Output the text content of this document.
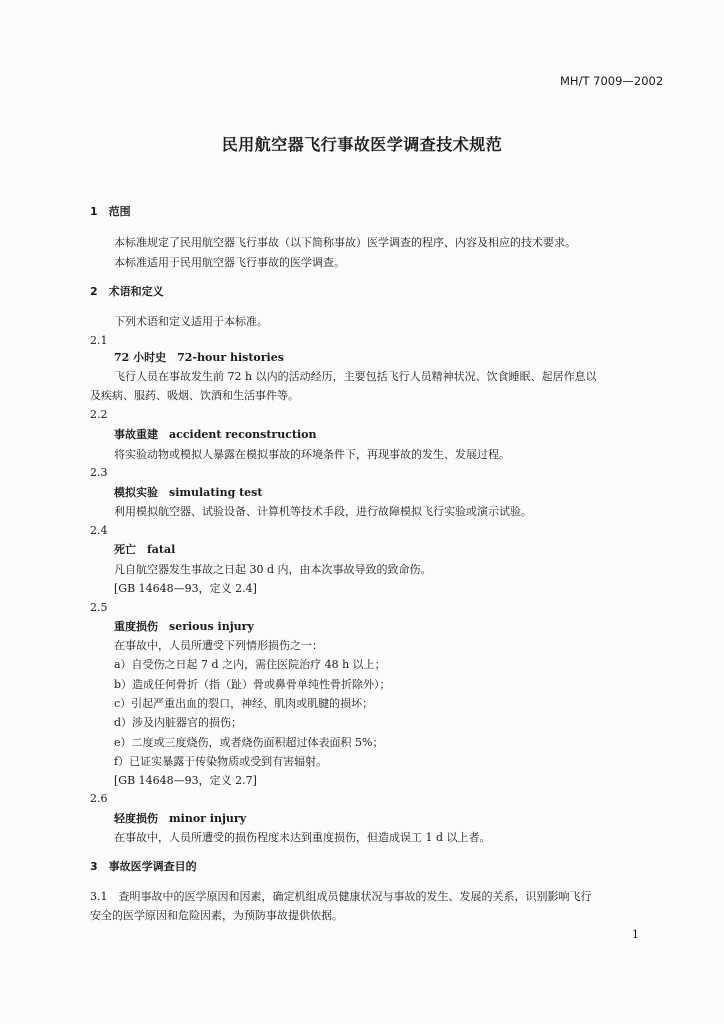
MH/T 7009—2002
民用航空器飞行事故医学调查技术规范
1　范围
本标准规定了民用航空器飞行事故（以下简称事故）医学调查的程序、内容及相应的技术要求。
本标准适用于民用航空器飞行事故的医学调查。
2　术语和定义
下列术语和定义适用于本标准。
2.1
72 小时史　72-hour histories
飞行人员在事故发生前 72 h 以内的活动经历，主要包括飞行人员精神状况、饮食睡眠、起居作息以
及疾病、服药、吸烟、饮酒和生活事件等。
2.2
事故重建　accident reconstruction
将实验动物或模拟人暴露在模拟事故的环境条件下，再现事故的发生、发展过程。
2.3
模拟实验　simulating test
利用模拟航空器、试验设备、计算机等技术手段，进行故障模拟飞行实验或演示试验。
2.4
死亡　fatal
凡自航空器发生事故之日起 30 d 内，由本次事故导致的致命伤。
[GB 14648—93，定义 2.4]
2.5
重度损伤　serious injury
在事故中，人员所遭受下列情形损伤之一：
a）自受伤之日起 7 d 之内，需住医院治疗 48 h 以上；
b）造成任何骨折（指（趾）骨或鼻骨单纯性骨折除外）；
c）引起严重出血的裂口，神经、肌肉或肌腱的损坏；
d）涉及内脏器官的损伤；
e）二度或三度烧伤，或者烧伤面积超过体表面积 5%；
f）已证实暴露于传染物质或受到有害辐射。
[GB 14648—93，定义 2.7]
2.6
轻度损伤　minor injury
在事故中，人员所遭受的损伤程度未达到重度损伤，但造成误工 1 d 以上者。
3　事故医学调查目的
3.1　查明事故中的医学原因和因素，确定机组成员健康状况与事故的发生、发展的关系，识别影响飞行
安全的医学原因和危险因素，为预防事故提供依据。
1
